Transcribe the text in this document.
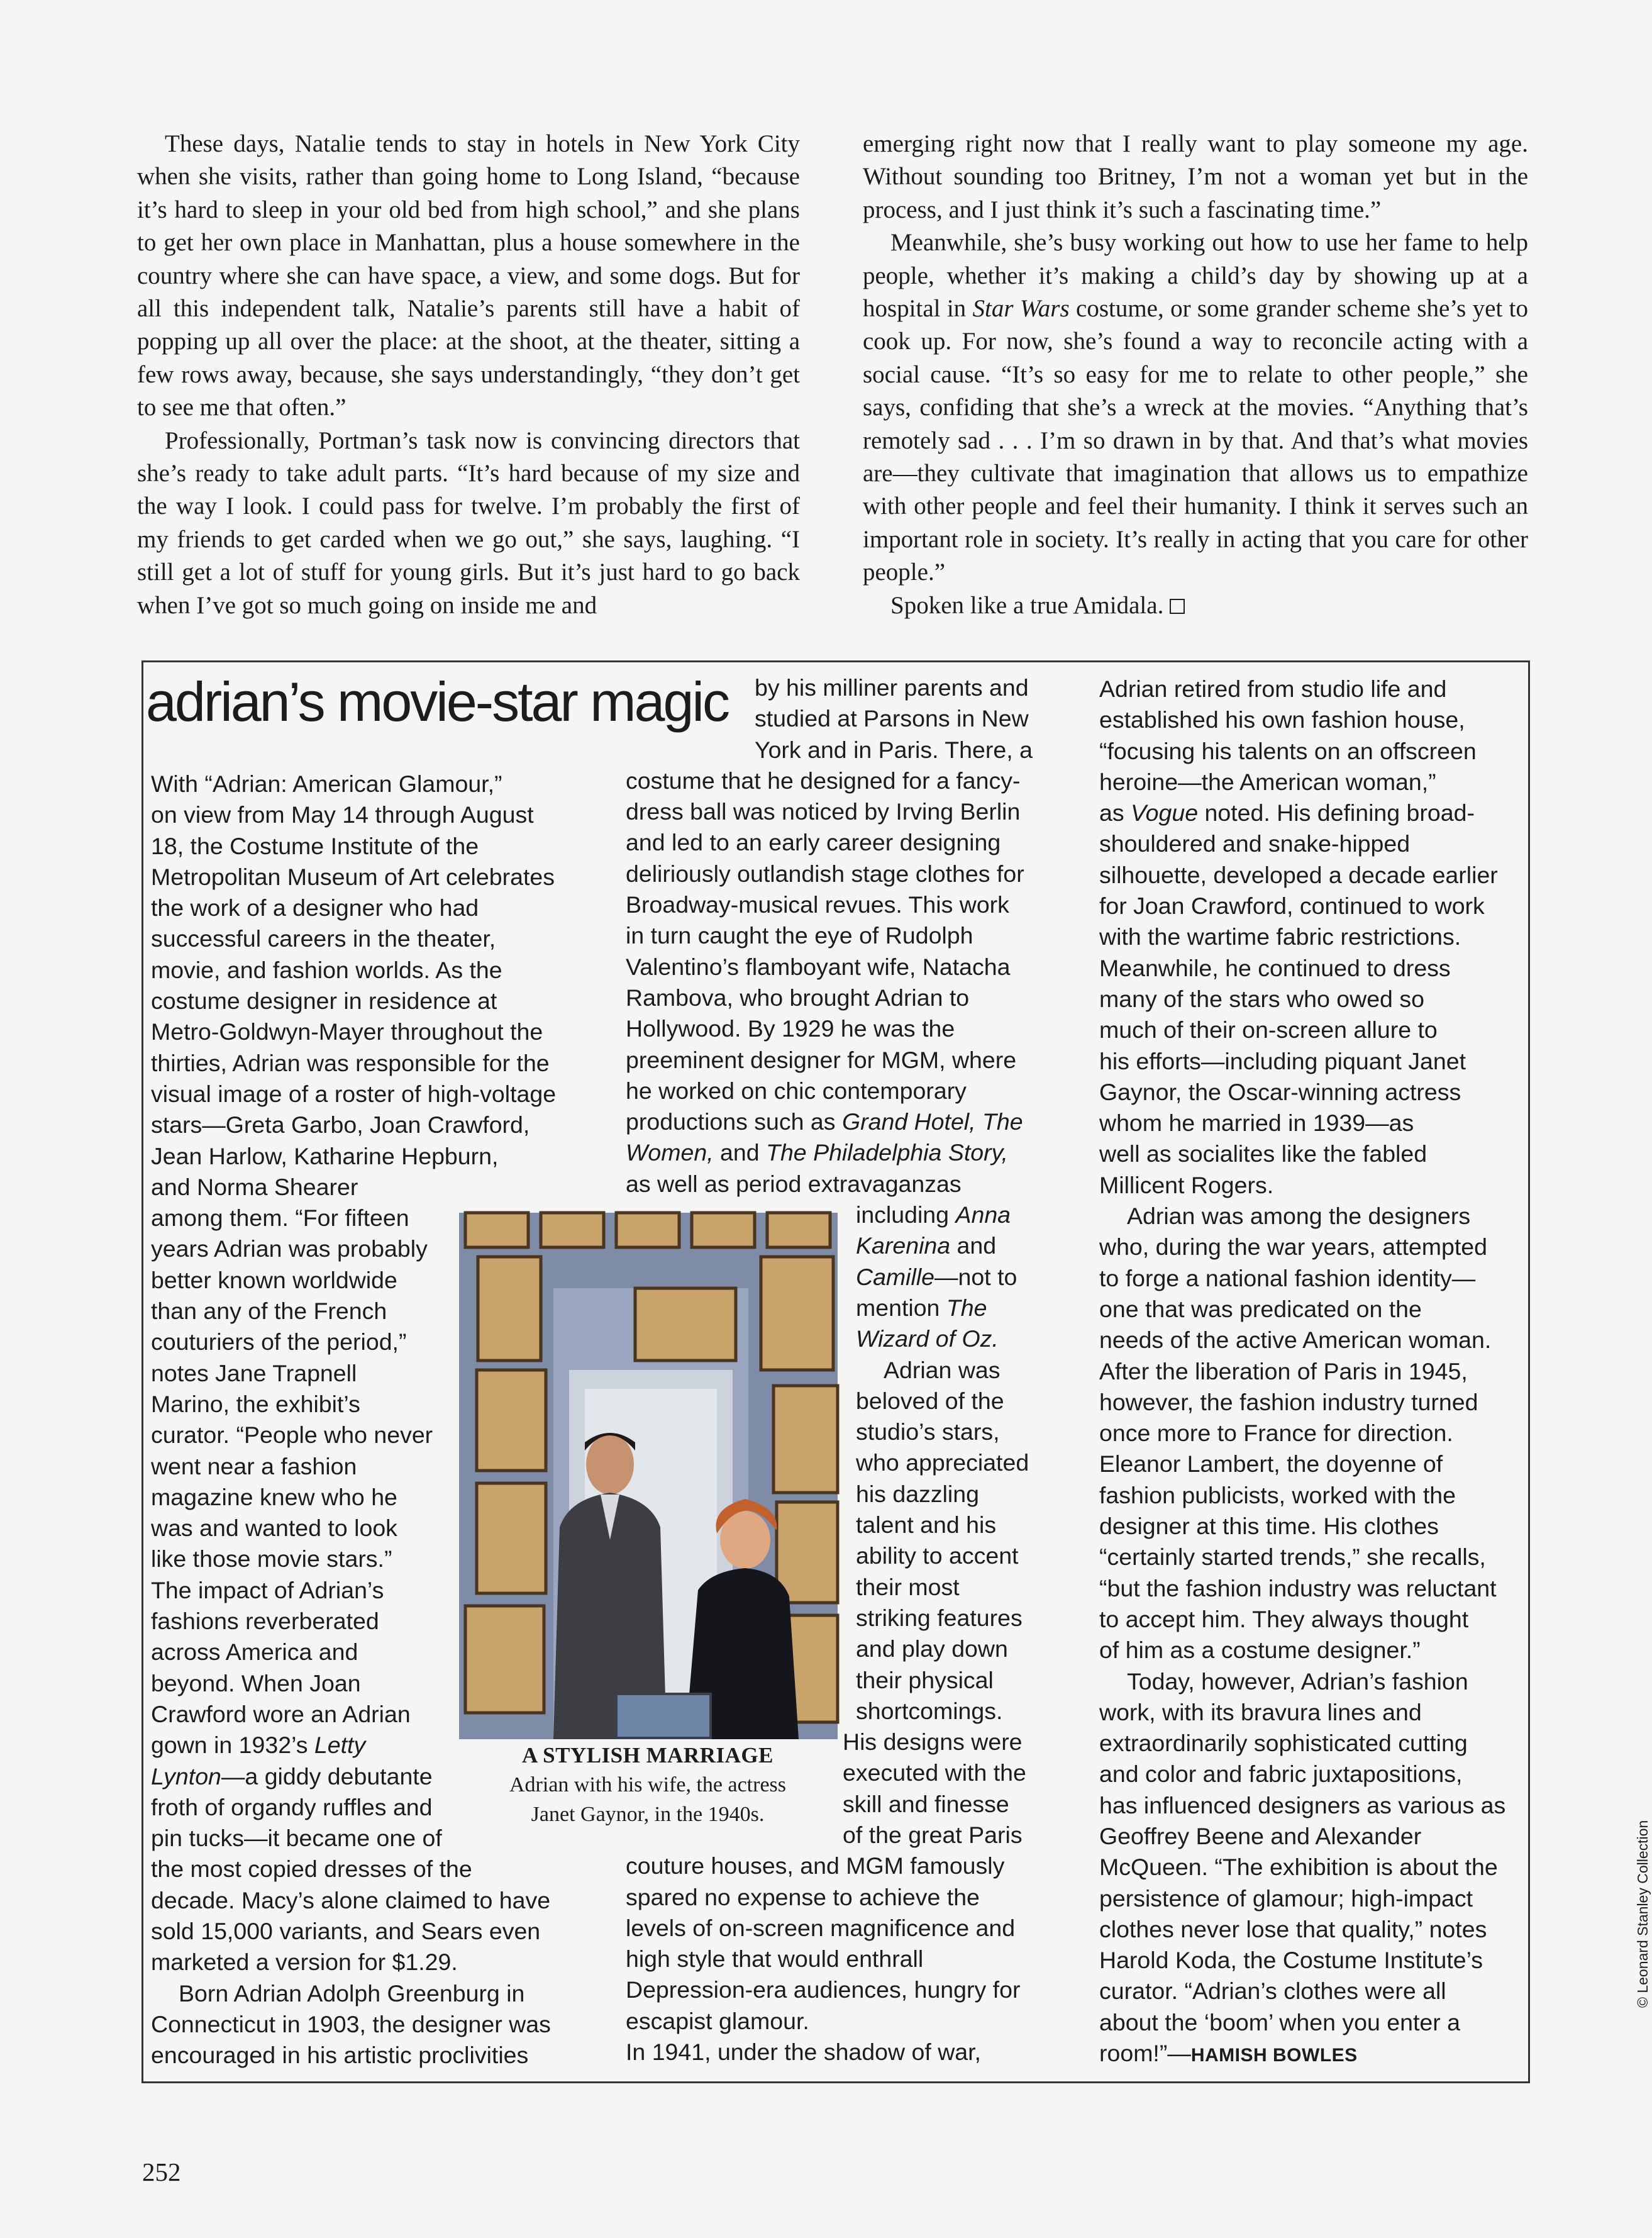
These days, Natalie tends to stay in hotels in New York City when she visits, rather than going home to Long Island, “because it’s hard to sleep in your old bed from high school,” and she plans to get her own place in Manhattan, plus a house somewhere in the country where she can have space, a view, and some dogs. But for all this independent talk, Natalie’s parents still have a habit of popping up all over the place: at the shoot, at the theater, sitting a few rows away, because, she says understandingly, “they don’t get to see me that often.”

Professionally, Portman’s task now is convincing directors that she’s ready to take adult parts. “It’s hard because of my size and the way I look. I could pass for twelve. I’m probably the first of my friends to get carded when we go out,” she says, laughing. “I still get a lot of stuff for young girls. But it’s just hard to go back when I’ve got so much going on inside me and

emerging right now that I really want to play someone my age. Without sounding too Britney, I’m not a woman yet but in the process, and I just think it’s such a fascinating time.”

Meanwhile, she’s busy working out how to use her fame to help people, whether it’s making a child’s day by showing up at a hospital in Star Wars costume, or some grander scheme she’s yet to cook up. For now, she’s found a way to reconcile acting with a social cause. “It’s so easy for me to relate to other people,” she says, confiding that she’s a wreck at the movies. “Anything that’s remotely sad . . . I’m so drawn in by that. And that’s what movies are—they cultivate that imagination that allows us to empathize with other people and feel their humanity. I think it serves such an important role in society. It’s really in acting that you care for other people.”

Spoken like a true Amidala.

adrian’s movie-star magic
With “Adrian: American Glamour,”
on view from May 14 through August
18, the Costume Institute of the
Metropolitan Museum of Art celebrates
the work of a designer who had
successful careers in the theater,
movie, and fashion worlds. As the
costume designer in residence at
Metro-Goldwyn-Mayer throughout the
thirties, Adrian was responsible for the
visual image of a roster of high-voltage
stars—Greta Garbo, Joan Crawford,
Jean Harlow, Katharine Hepburn,
and Norma Shearer
among them. “For fifteen
years Adrian was probably
better known worldwide
than any of the French
couturiers of the period,”
notes Jane Trapnell
Marino, the exhibit’s
curator. “People who never
went near a fashion
magazine knew who he
was and wanted to look
like those movie stars.”
The impact of Adrian’s
fashions reverberated
across America and
beyond. When Joan
Crawford wore an Adrian
gown in 1932’s Letty
Lynton—a giddy debutante
froth of organdy ruffles and
pin tucks—it became one of
the most copied dresses of the
decade. Macy’s alone claimed to have
sold 15,000 variants, and Sears even
marketed a version for $1.29.
Born Adrian Adolph Greenburg in
Connecticut in 1903, the designer was
encouraged in his artistic proclivities
by his milliner parents and
studied at Parsons in New
York and in Paris. There, a
costume that he designed for a fancy-
dress ball was noticed by Irving Berlin
and led to an early career designing
deliriously outlandish stage clothes for
Broadway-musical revues. This work
in turn caught the eye of Rudolph
Valentino’s flamboyant wife, Natacha
Rambova, who brought Adrian to
Hollywood. By 1929 he was the
preeminent designer for MGM, where
he worked on chic contemporary
productions such as Grand Hotel, The
Women, and The Philadelphia Story,
as well as period extravaganzas
including Anna
Karenina and
Camille—not to
mention The
Wizard of Oz.
Adrian was
beloved of the
studio’s stars,
who appreciated
his dazzling
talent and his
ability to accent
their most
striking features
and play down
their physical
shortcomings.
His designs were
executed with the
skill and finesse
of the great Paris
couture houses, and MGM famously
spared no expense to achieve the
levels of on-screen magnificence and
high style that would enthrall
Depression-era audiences, hungry for
escapist glamour.
In 1941, under the shadow of war,
Adrian retired from studio life and
established his own fashion house,
“focusing his talents on an offscreen
heroine—the American woman,”
as Vogue noted. His defining broad-
shouldered and snake-hipped
silhouette, developed a decade earlier
for Joan Crawford, continued to work
with the wartime fabric restrictions.
Meanwhile, he continued to dress
many of the stars who owed so
much of their on-screen allure to
his efforts—including piquant Janet
Gaynor, the Oscar-winning actress
whom he married in 1939—as
well as socialites like the fabled
Millicent Rogers.
Adrian was among the designers
who, during the war years, attempted
to forge a national fashion identity—
one that was predicated on the
needs of the active American woman.
After the liberation of Paris in 1945,
however, the fashion industry turned
once more to France for direction.
Eleanor Lambert, the doyenne of
fashion publicists, worked with the
designer at this time. His clothes
“certainly started trends,” she recalls,
“but the fashion industry was reluctant
to accept him. They always thought
of him as a costume designer.”
Today, however, Adrian’s fashion
work, with its bravura lines and
extraordinarily sophisticated cutting
and color and fabric juxtapositions,
has influenced designers as various as
Geoffrey Beene and Alexander
McQueen. “The exhibition is about the
persistence of glamour; high-impact
clothes never lose that quality,” notes
Harold Koda, the Costume Institute’s
curator. “Adrian’s clothes were all
about the ‘boom’ when you enter a
room!”—HAMISH BOWLES
A STYLISH MARRIAGE
Adrian with his wife, the actress
Janet Gaynor, in the 1940s.
252
© Leonard Stanley Collection
